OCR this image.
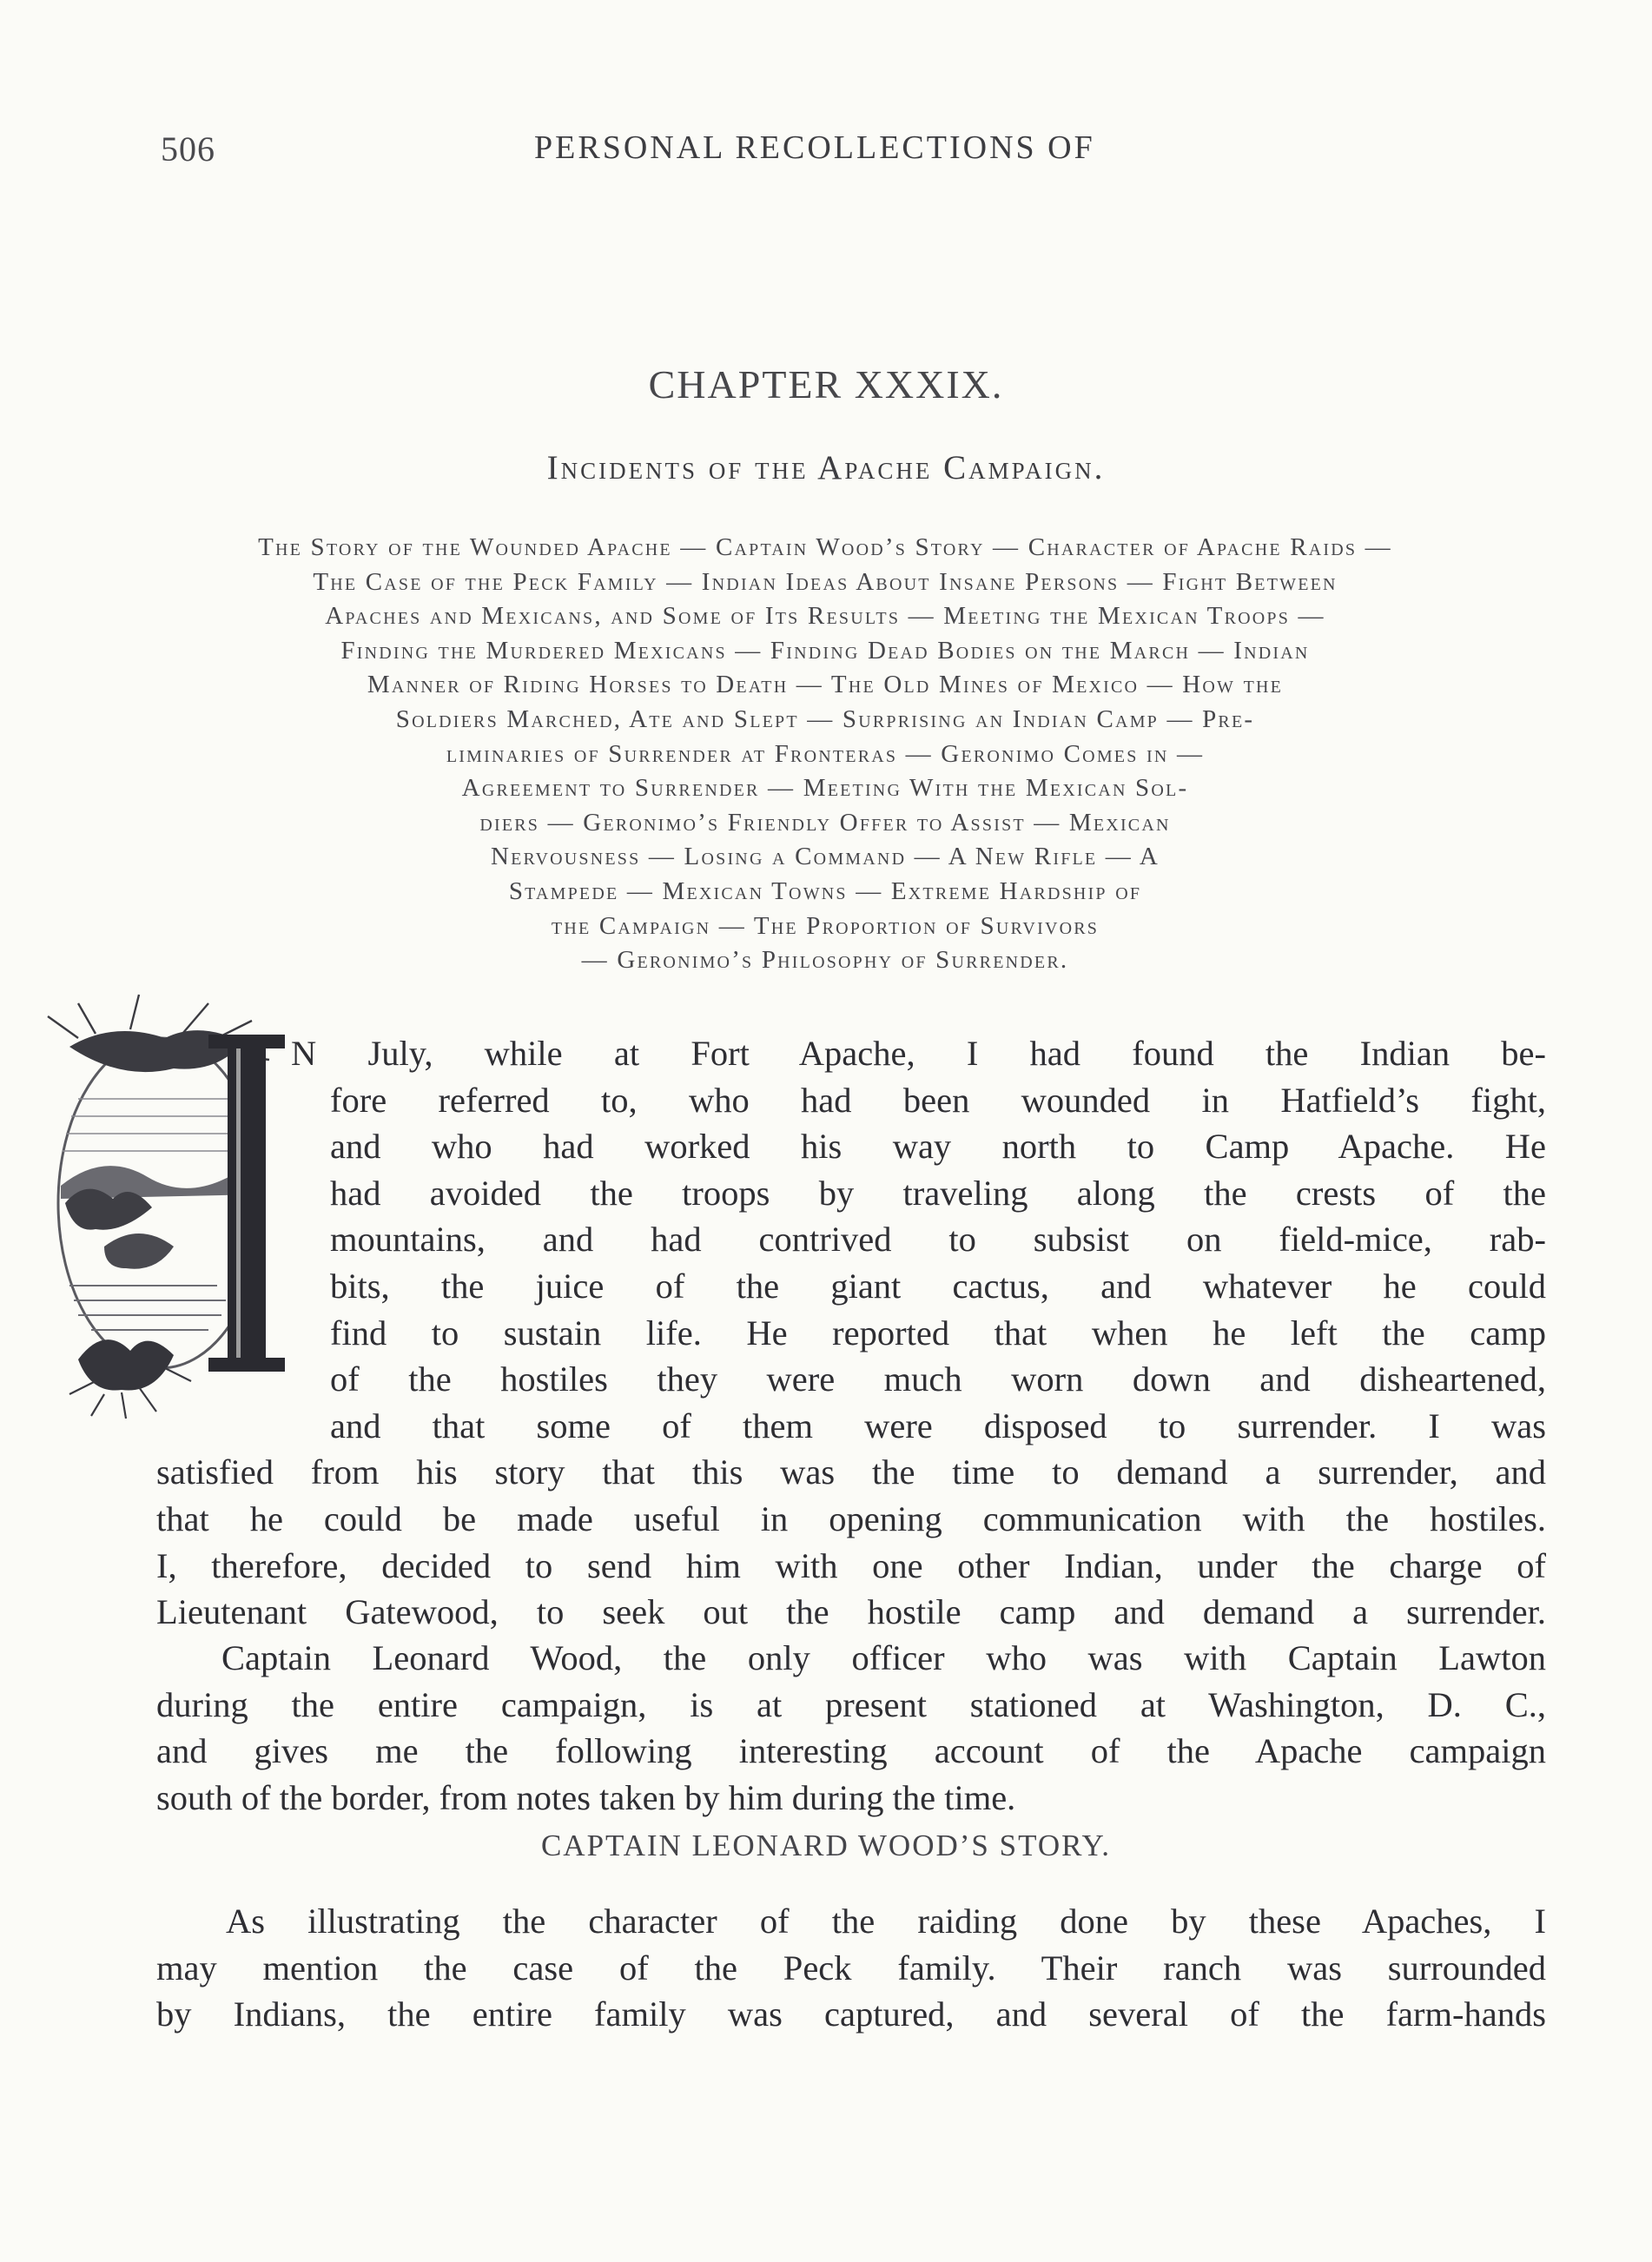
506	PERSONAL RECOLLECTIONS OF
CHAPTER XXXIX.
Incidents of the Apache Campaign.
The Story of the Wounded Apache — Captain Wood’s Story — Character of Apache Raids —
The Case of the Peck Family — Indian Ideas About Insane Persons — Fight Between
Apaches and Mexicans, and Some of Its Results — Meeting the Mexican Troops —
Finding the Murdered Mexicans — Finding Dead Bodies on the March — Indian
Manner of Riding Horses to Death — The Old Mines of Mexico — How the
Soldiers Marched, Ate and Slept — Surprising an Indian Camp — Pre-
liminaries of Surrender at Fronteras — Geronimo Comes in —
Agreement to Surrender — Meeting With the Mexican Sol-
diers — Geronimo’s Friendly Offer to Assist — Mexican
Nervousness — Losing a Command — A New Rifle — A
Stampede — Mexican Towns — Extreme Hardship of
the Campaign — The Proportion of Survivors
— Geronimo’s Philosophy of Surrender.
N July, while at Fort Apache, I had found the Indian be-
fore referred to, who had been wounded in Hatfield’s fight,
and who had worked his way north to Camp Apache. He
had avoided the troops by traveling along the crests of the
mountains, and had contrived to subsist on field-mice, rab-
bits, the juice of the giant cactus, and whatever he could
find to sustain life. He reported that when he left the camp
of the hostiles they were much worn down and disheartened,
and that some of them were disposed to surrender. I was
satisfied from his story that this was the time to demand a surrender, and
that he could be made useful in opening communication with the hostiles.
I, therefore, decided to send him with one other Indian, under the charge of
Lieutenant Gatewood, to seek out the hostile camp and demand a surrender.
Captain Leonard Wood, the only officer who was with Captain Lawton
during the entire campaign, is at present stationed at Washington, D. C.,
and gives me the following interesting account of the Apache campaign
south of the border, from notes taken by him during the time.
CAPTAIN LEONARD WOOD’S STORY.
As illustrating the character of the raiding done by these Apaches, I
may mention the case of the Peck family. Their ranch was surrounded
by Indians, the entire family was captured, and several of the farm-hands
